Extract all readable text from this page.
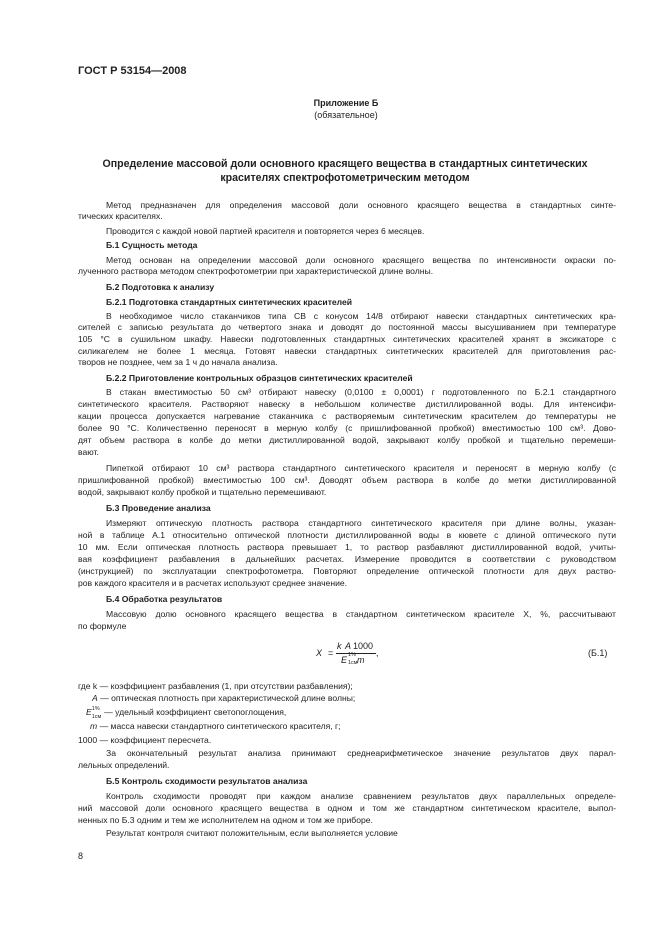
ГОСТ Р 53154—2008
Приложение Б
(обязательное)
Определение массовой доли основного красящего вещества в стандартных синтетических
красителях спектрофотометрическим методом
Метод предназначен для определения массовой доли основного красящего вещества в стандартных синте-
тических красителях.
Проводится с каждой новой партией красителя и повторяется через 6 месяцев.
Б.1 Сущность метода
Метод основан на определении массовой доли основного красящего вещества по интенсивности окраски по-
лученного раствора методом спектрофотометрии при характеристической длине волны.
Б.2 Подготовка к анализу
Б.2.1 Подготовка стандартных синтетических красителей
В необходимое число стаканчиков типа СВ с конусом 14/8 отбирают навески стандартных синтетических кра-
сителей с записью результата до четвертого знака и доводят до постоянной массы высушиванием при температуре
105 °С в сушильном шкафу. Навески подготовленных стандартных синтетических красителей хранят в эксикаторе с
силикагелем не более 1 месяца. Готовят навески стандартных синтетических красителей для приготовления рас-
творов не позднее, чем за 1 ч до начала анализа.
Б.2.2 Приготовление контрольных образцов синтетических красителей
В стакан вместимостью 50 см³ отбирают навеску (0,0100 ± 0,0001) г подготовленного по Б.2.1 стандартного
синтетического красителя. Растворяют навеску в небольшом количестве дистиллированной воды. Для интенсифи-
кации процесса допускается нагревание стаканчика с растворяемым синтетическим красителем до температуры не
более 90 °С. Количественно переносят в мерную колбу (с пришлифованной пробкой) вместимостью 100 см³. Дово-
дят объем раствора в колбе до метки дистиллированной водой, закрывают колбу пробкой и тщательно перемеши-
вают.
Пипеткой отбирают 10 см³ раствора стандартного синтетического красителя и переносят в мерную колбу (с
пришлифованной пробкой) вместимостью 100 см³. Доводят объем раствора в колбе до метки дистиллированной
водой, закрывают колбу пробкой и тщательно перемешивают.
Б.3 Проведение анализа
Измеряют оптическую плотность раствора стандартного синтетического красителя при длине волны, указан-
ной в таблице А.1 относительно оптической плотности дистиллированной воды в кювете с длиной оптического пути
10 мм. Если оптическая плотность раствора превышает 1, то раствор разбавляют дистиллированной водой, учиты-
вая коэффициент разбавления в дальнейших расчетах. Измерение проводится в соответствии с руководством
(инструкцией) по эксплуатации спектрофотометра. Повторяют определение оптической плотности для двух раство-
ров каждого красителя и в расчетах используют среднее значение.
Б.4 Обработка результатов
Массовую долю основного красящего вещества в стандартном синтетическом красителе X, %, рассчитывают
по формуле
X =
k A 1000
E 1%
1см m
,	(Б.1)
где k — коэффициент разбавления (1, при отсутствии разбавления);
A — оптическая плотность при характеристической длине волны;
E 1%
1см — удельный коэффициент светопоглощения,
m — масса навески стандартного синтетического красителя, г;
1000 — коэффициент пересчета.
За окончательный результат анализа принимают среднеарифметическое значение результатов двух парал-
лельных определений.
Б.5 Контроль сходимости результатов анализа
Контроль сходимости проводят при каждом анализе сравнением результатов двух параллельных определе-
ний массовой доли основного красящего вещества в одном и том же стандартном синтетическом красителе, выпол-
ненных по Б.3 одним и тем же исполнителем на одном и том же приборе.
Результат контроля считают положительным, если выполняется условие
8
